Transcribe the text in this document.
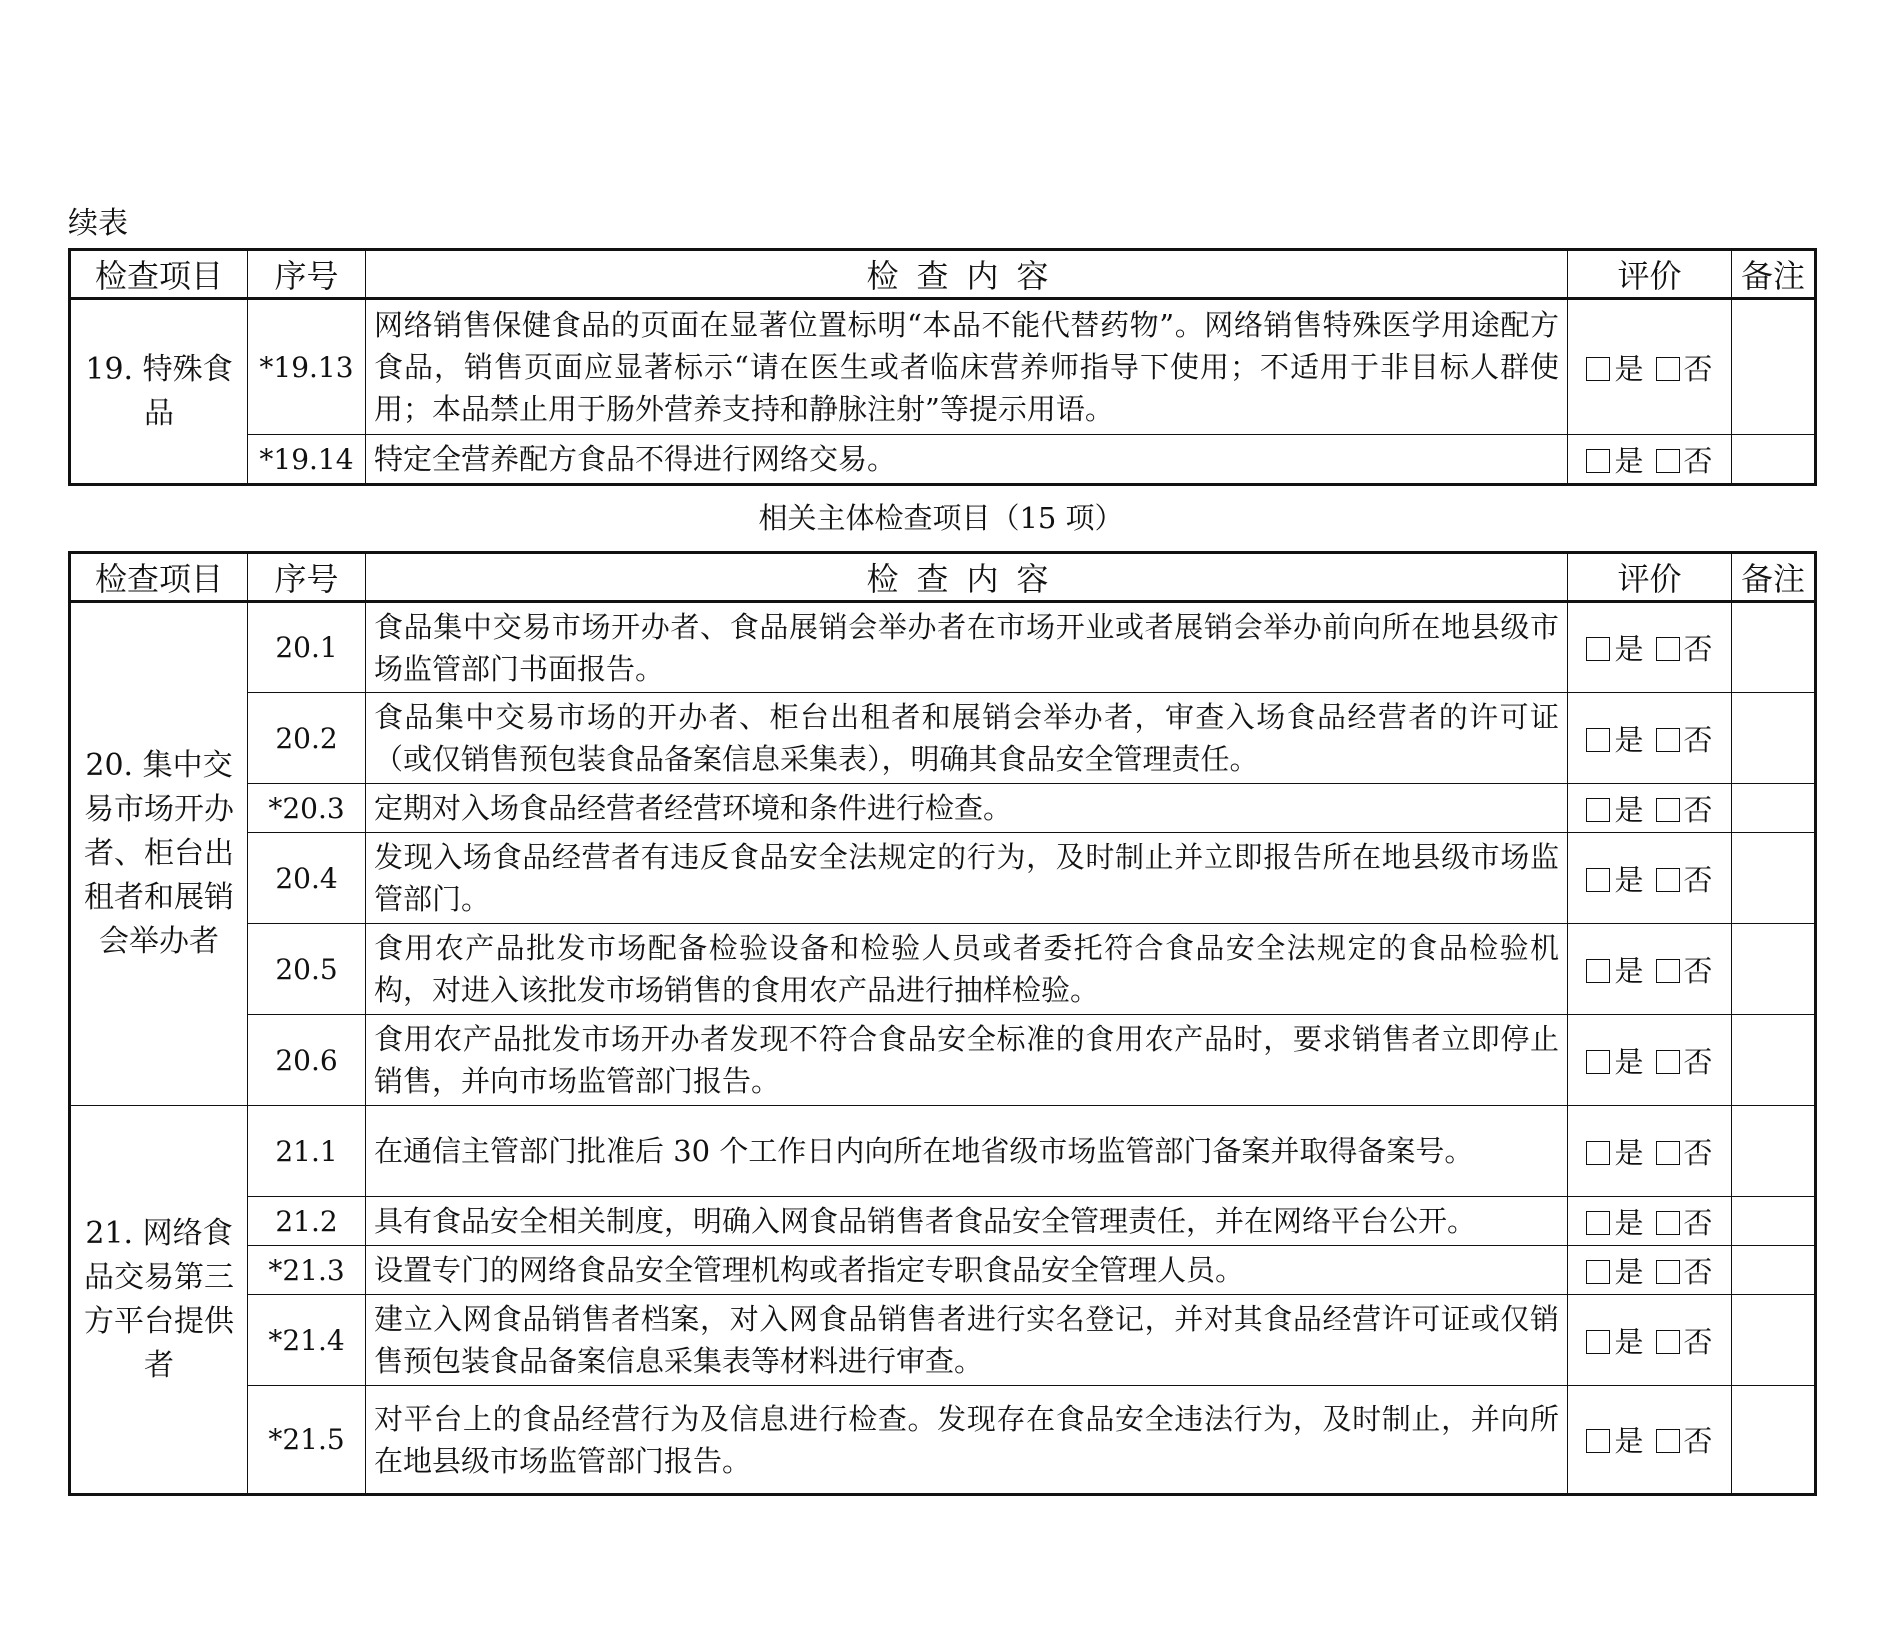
续表
检查项目	序号	检查内容	评价	备注
19. 特殊食品	*19.13	网络销售保健食品的页面在显著位置标明“本品不能代替药物”。网络销售特殊医学用途配方食品，销售页面应显著标示“请在医生或者临床营养师指导下使用；不适用于非目标人群使用；本品禁止用于肠外营养支持和静脉注射”等提示用语。	是 否	
	*19.14	特定全营养配方食品不得进行网络交易。	是 否	
相关主体检查项目（15 项）
检查项目	序号	检查内容	评价	备注
20. 集中交易市场开办者、柜台出租者和展销会举办者	20.1	食品集中交易市场开办者、食品展销会举办者在市场开业或者展销会举办前向所在地县级市场监管部门书面报告。	是 否	
	20.2	食品集中交易市场的开办者、柜台出租者和展销会举办者，审查入场食品经营者的许可证（或仅销售预包装食品备案信息采集表），明确其食品安全管理责任。	是 否	
	*20.3	定期对入场食品经营者经营环境和条件进行检查。	是 否	
	20.4	发现入场食品经营者有违反食品安全法规定的行为，及时制止并立即报告所在地县级市场监管部门。	是 否	
	20.5	食用农产品批发市场配备检验设备和检验人员或者委托符合食品安全法规定的食品检验机构，对进入该批发市场销售的食用农产品进行抽样检验。	是 否	
	20.6	食用农产品批发市场开办者发现不符合食品安全标准的食用农产品时，要求销售者立即停止销售，并向市场监管部门报告。	是 否	
21. 网络食品交易第三方平台提供者	21.1	在通信主管部门批准后 30 个工作日内向所在地省级市场监管部门备案并取得备案号。	是 否	
	21.2	具有食品安全相关制度，明确入网食品销售者食品安全管理责任，并在网络平台公开。	是 否	
	*21.3	设置专门的网络食品安全管理机构或者指定专职食品安全管理人员。	是 否	
	*21.4	建立入网食品销售者档案，对入网食品销售者进行实名登记，并对其食品经营许可证或仅销售预包装食品备案信息采集表等材料进行审查。	是 否	
	*21.5	对平台上的食品经营行为及信息进行检查。发现存在食品安全违法行为，及时制止，并向所在地县级市场监管部门报告。	是 否	
